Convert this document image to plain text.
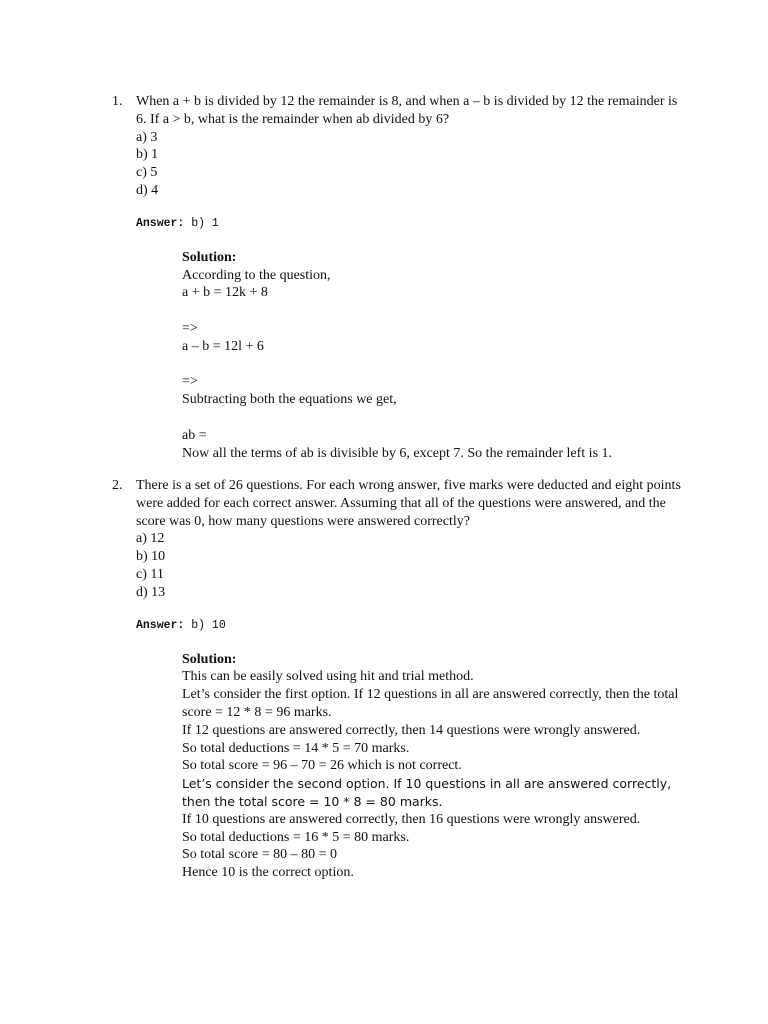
1. When a + b is divided by 12 the remainder is 8, and when a – b is divided by 12 the remainder is 6. If a > b, what is the remainder when ab divided by 6?

a) 3
b) 1
c) 5
d) 4
Answer: b) 1

Solution:

According to the question,

a + b = 12k + 8

=>

a – b = 12l + 6

=>

Subtracting both the equations we get,

ab =

Now all the terms of ab is divisible by 6, except 7. So the remainder left is 1.

2. There is a set of 26 questions. For each wrong answer, five marks were deducted and eight points were added for each correct answer. Assuming that all of the questions were answered, and the score was 0, how many questions were answered correctly?

a) 12
b) 10
c) 11
d) 13
Answer: b) 10

Solution:

This can be easily solved using hit and trial method.

Let’s consider the first option. If 12 questions in all are answered correctly, then the total score = 12 * 8 = 96 marks.

If 12 questions are answered correctly, then 14 questions were wrongly answered.

So total deductions = 14 * 5 = 70 marks.

So total score = 96 – 70 = 26 which is not correct.

Let’s consider the second option. If 10 questions in all are answered correctly, then the total score = 10 * 8 = 80 marks.

If 10 questions are answered correctly, then 16 questions were wrongly answered.

So total deductions = 16 * 5 = 80 marks.

So total score = 80 – 80 = 0

Hence 10 is the correct option.
